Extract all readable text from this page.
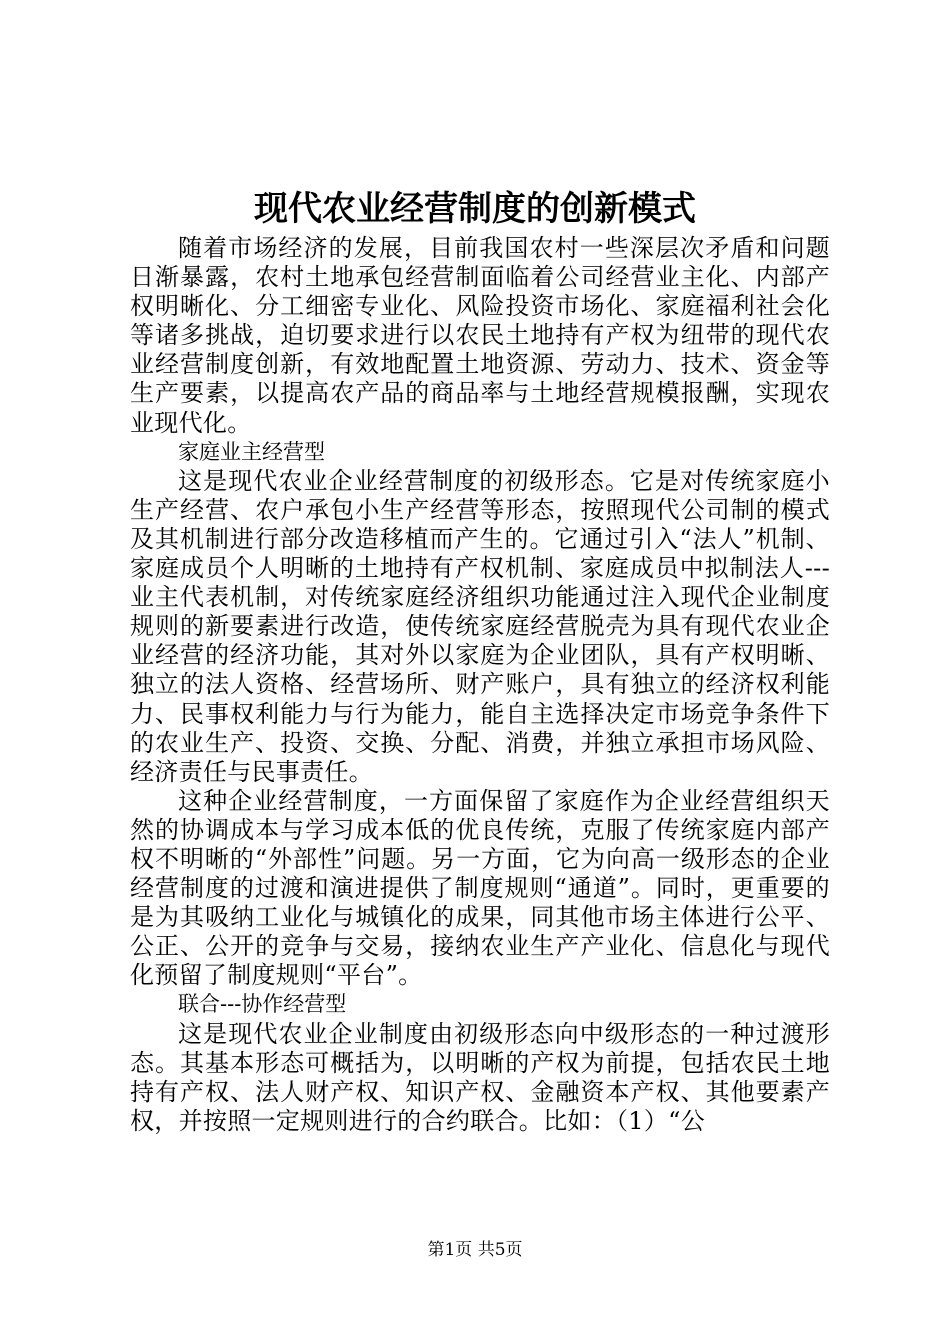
现代农业经营制度的创新模式

随着市场经济的发展，目前我国农村一些深层次矛盾和问题日渐暴露，农村土地承包经营制面临着公司经营业主化、内部产权明晰化、分工细密专业化、风险投资市场化、家庭福利社会化等诸多挑战，迫切要求进行以农民土地持有产权为纽带的现代农业经营制度创新，有效地配置土地资源、劳动力、技术、资金等生产要素，以提高农产品的商品率与土地经营规模报酬，实现农业现代化。

家庭业主经营型

这是现代农业企业经营制度的初级形态。它是对传统家庭小生产经营、农户承包小生产经营等形态，按照现代公司制的模式及其机制进行部分改造移植而产生的。它通过引入“法人”机制、家庭成员个人明晰的土地持有产权机制、家庭成员中拟制法人---业主代表机制，对传统家庭经济组织功能通过注入现代企业制度规则的新要素进行改造，使传统家庭经营脱壳为具有现代农业企业经营的经济功能，其对外以家庭为企业团队，具有产权明晰、独立的法人资格、经营场所、财产账户，具有独立的经济权利能力、民事权利能力与行为能力，能自主选择决定市场竞争条件下的农业生产、投资、交换、分配、消费，并独立承担市场风险、经济责任与民事责任。

这种企业经营制度，一方面保留了家庭作为企业经营组织天然的协调成本与学习成本低的优良传统，克服了传统家庭内部产权不明晰的“外部性”问题。另一方面，它为向高一级形态的企业经营制度的过渡和演进提供了制度规则“通道”。同时，更重要的是为其吸纳工业化与城镇化的成果，同其他市场主体进行公平、公正、公开的竞争与交易，接纳农业生产产业化、信息化与现代化预留了制度规则“平台”。

联合---协作经营型

这是现代农业企业制度由初级形态向中级形态的一种过渡形态。其基本形态可概括为，以明晰的产权为前提，包括农民土地持有产权、法人财产权、知识产权、金融资本产权、其他要素产权，并按照一定规则进行的合约联合。比如：（1）“公

第1页 共5页
